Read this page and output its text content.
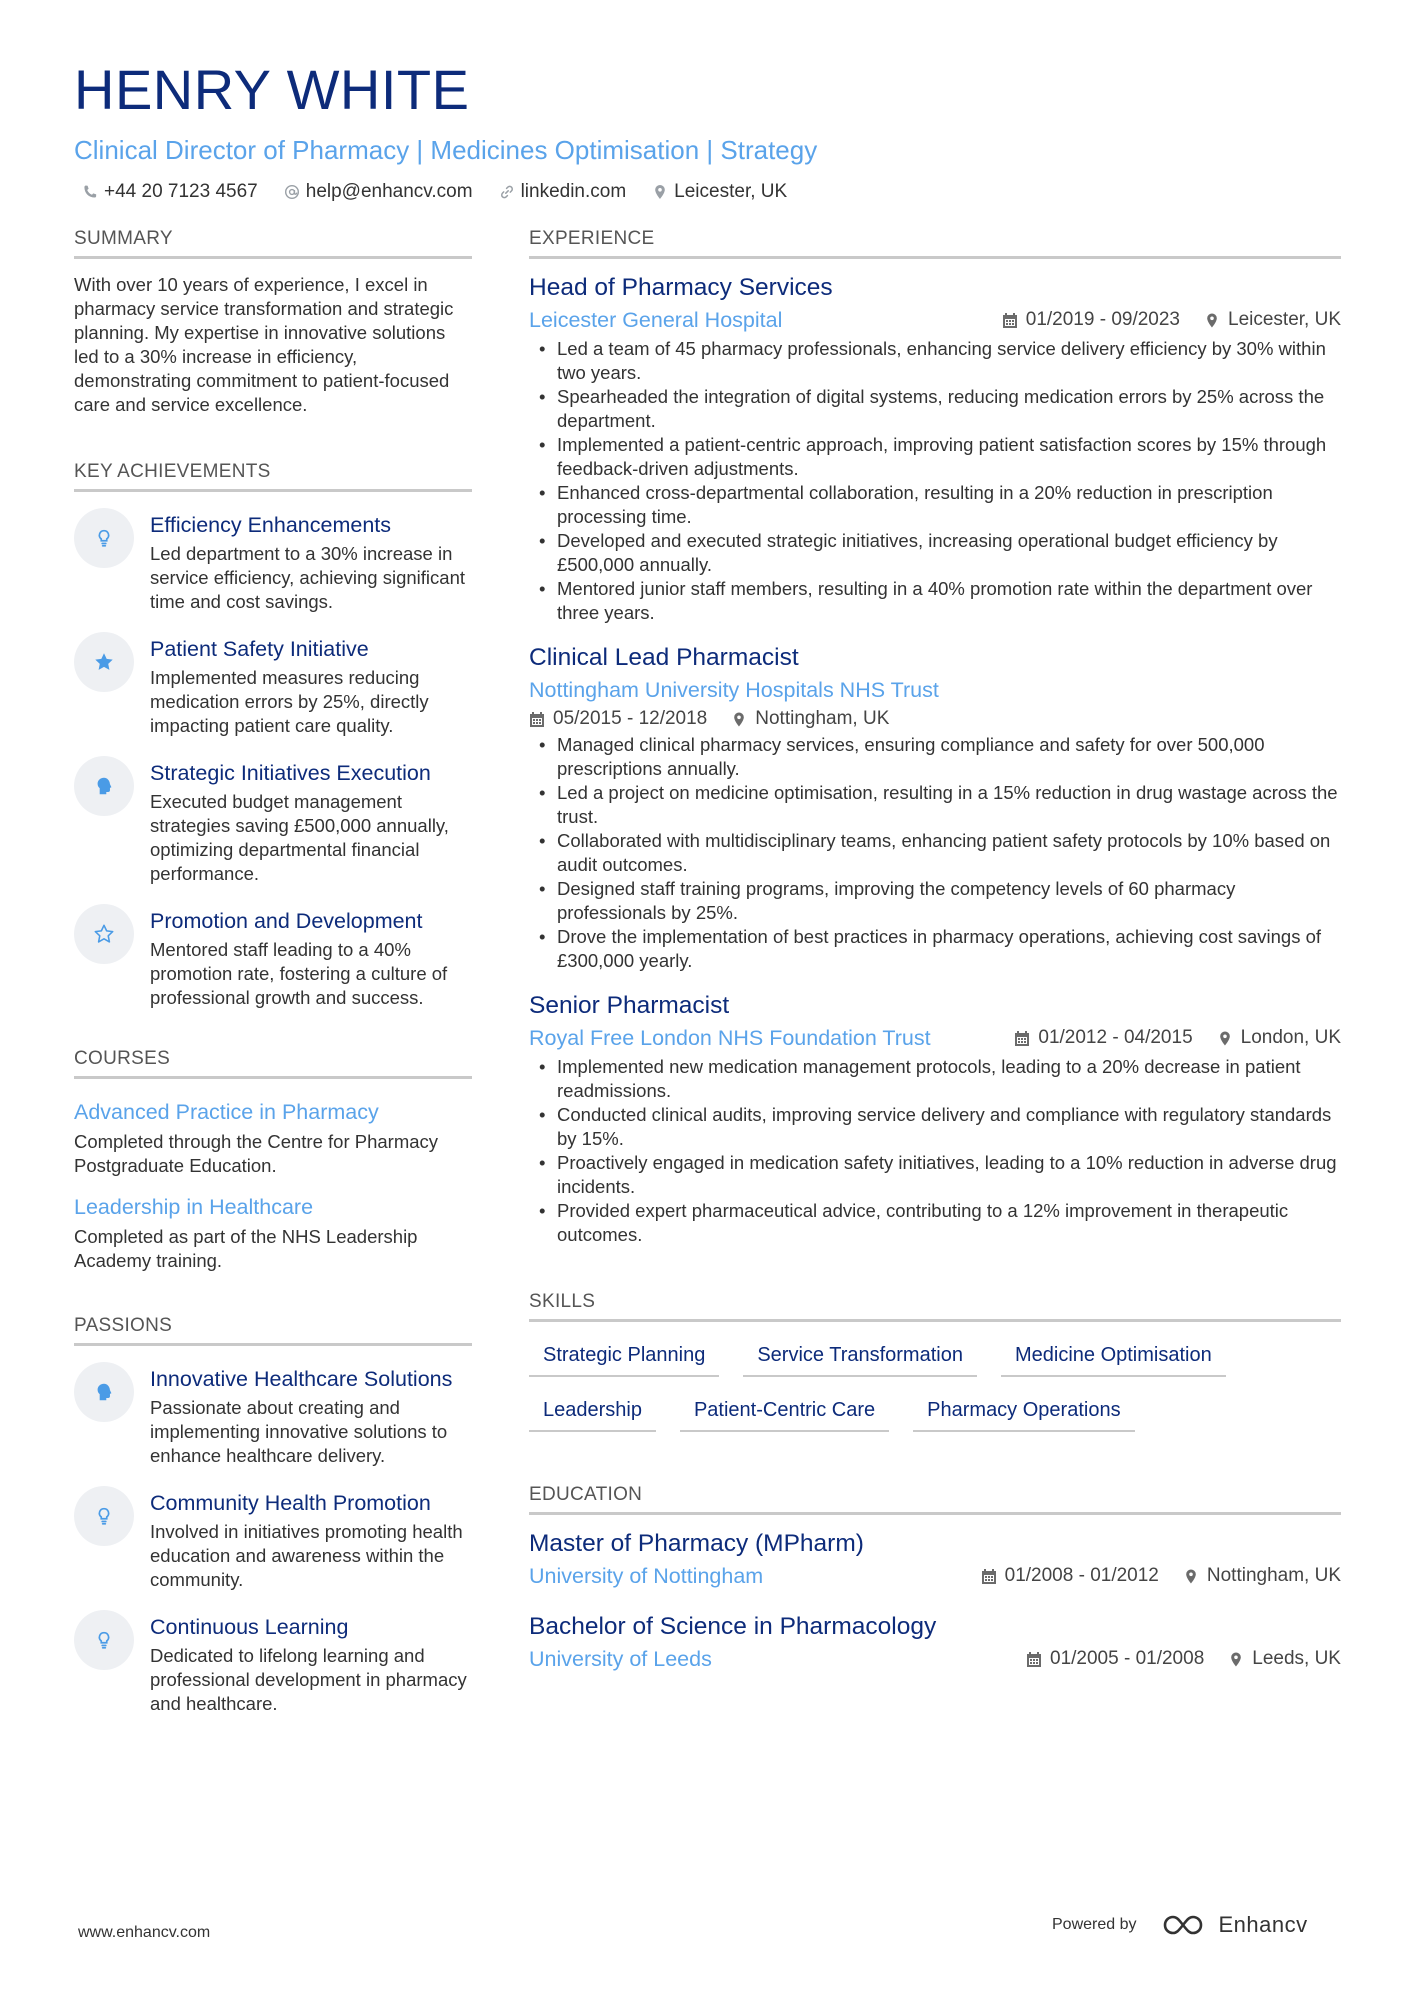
HENRY WHITE
Clinical Director of Pharmacy | Medicines Optimisation | Strategy
+44 20 7123 4567	help@enhancv.com	linkedin.com	Leicester, UK
SUMMARY
With over 10 years of experience, I excel in pharmacy service transformation and strategic planning. My expertise in innovative solutions led to a 30% increase in efficiency, demonstrating commitment to patient-focused care and service excellence.
KEY ACHIEVEMENTS
Efficiency Enhancements
Led department to a 30% increase in service efficiency, achieving significant time and cost savings.
Patient Safety Initiative
Implemented measures reducing medication errors by 25%, directly impacting patient care quality.
Strategic Initiatives Execution
Executed budget management strategies saving £500,000 annually, optimizing departmental financial performance.
Promotion and Development
Mentored staff leading to a 40% promotion rate, fostering a culture of professional growth and success.
COURSES
Advanced Practice in Pharmacy
Completed through the Centre for Pharmacy Postgraduate Education.
Leadership in Healthcare
Completed as part of the NHS Leadership Academy training.
PASSIONS
Innovative Healthcare Solutions
Passionate about creating and implementing innovative solutions to enhance healthcare delivery.
Community Health Promotion
Involved in initiatives promoting health education and awareness within the community.
Continuous Learning
Dedicated to lifelong learning and professional development in pharmacy and healthcare.
EXPERIENCE
Head of Pharmacy Services
Leicester General Hospital	01/2019 - 09/2023	Leicester, UK
• Led a team of 45 pharmacy professionals, enhancing service delivery efficiency by 30% within two years.
• Spearheaded the integration of digital systems, reducing medication errors by 25% across the department.
• Implemented a patient-centric approach, improving patient satisfaction scores by 15% through feedback-driven adjustments.
• Enhanced cross-departmental collaboration, resulting in a 20% reduction in prescription processing time.
• Developed and executed strategic initiatives, increasing operational budget efficiency by £500,000 annually.
• Mentored junior staff members, resulting in a 40% promotion rate within the department over three years.
Clinical Lead Pharmacist
Nottingham University Hospitals NHS Trust
05/2015 - 12/2018	Nottingham, UK
• Managed clinical pharmacy services, ensuring compliance and safety for over 500,000 prescriptions annually.
• Led a project on medicine optimisation, resulting in a 15% reduction in drug wastage across the trust.
• Collaborated with multidisciplinary teams, enhancing patient safety protocols by 10% based on audit outcomes.
• Designed staff training programs, improving the competency levels of 60 pharmacy professionals by 25%.
• Drove the implementation of best practices in pharmacy operations, achieving cost savings of £300,000 yearly.
Senior Pharmacist
Royal Free London NHS Foundation Trust	01/2012 - 04/2015	London, UK
• Implemented new medication management protocols, leading to a 20% decrease in patient readmissions.
• Conducted clinical audits, improving service delivery and compliance with regulatory standards by 15%.
• Proactively engaged in medication safety initiatives, leading to a 10% reduction in adverse drug incidents.
• Provided expert pharmaceutical advice, contributing to a 12% improvement in therapeutic outcomes.
SKILLS
Strategic Planning	Service Transformation	Medicine Optimisation
Leadership	Patient-Centric Care	Pharmacy Operations
EDUCATION
Master of Pharmacy (MPharm)
University of Nottingham	01/2008 - 01/2012	Nottingham, UK
Bachelor of Science in Pharmacology
University of Leeds	01/2005 - 01/2008	Leeds, UK
www.enhancv.com	Powered by	Enhancv
